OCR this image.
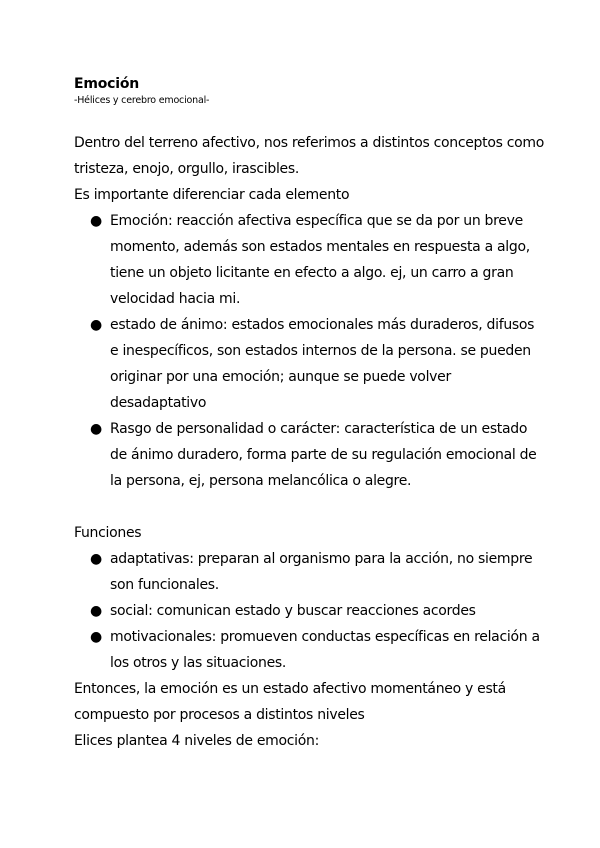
Emoción

-Hélices y cerebro emocional-

Dentro del terreno afectivo, nos referimos a distintos conceptos como tristeza, enojo, orgullo, irascibles.

Es importante diferenciar cada elemento

● Emoción: reacción afectiva específica que se da por un breve momento, además son estados mentales en respuesta a algo, tiene un objeto licitante en efecto a algo. ej, un carro a gran velocidad hacia mi.
● estado de ánimo: estados emocionales más duraderos, difusos e inespecíficos, son estados internos de la persona. se pueden originar por una emoción; aunque se puede volver desadaptativo
● Rasgo de personalidad o carácter: característica de un estado de ánimo duradero, forma parte de su regulación emocional de la persona, ej, persona melancólica o alegre.

Funciones

● adaptativas: preparan al organismo para la acción, no siempre son funcionales.
● social: comunican estado y buscar reacciones acordes
● motivacionales: promueven conductas específicas en relación a los otros y las situaciones.

Entonces, la emoción es un estado afectivo momentáneo y está compuesto por procesos a distintos niveles

Elices plantea 4 niveles de emoción:
